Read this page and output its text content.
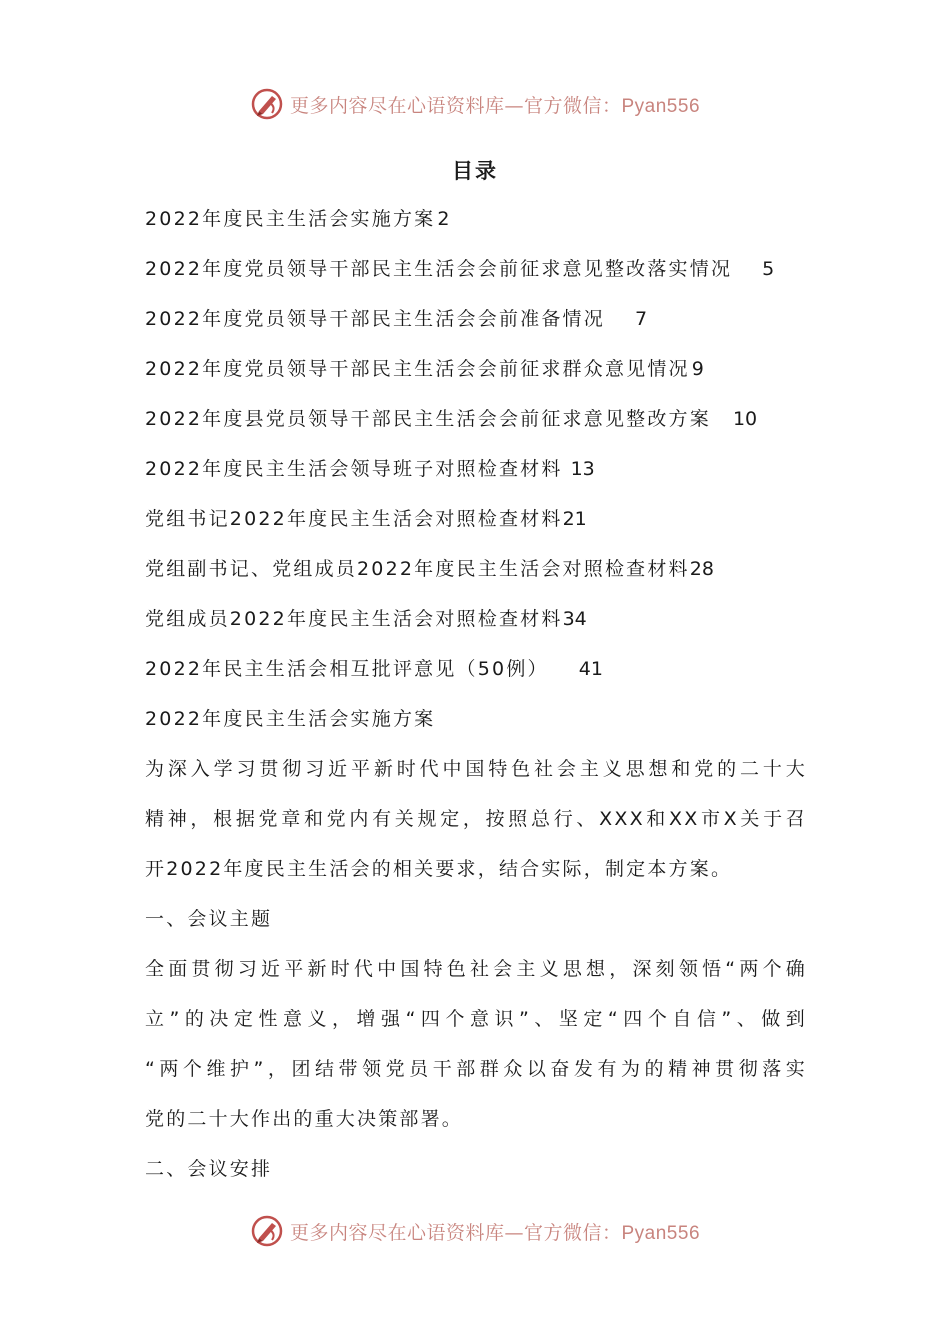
更多内容尽在心语资料库—官方微信：Pyan556
目录
2022年度民主生活会实施方案 2
2022年度党员领导干部民主生活会会前征求意见整改落实情况 5
2022年度党员领导干部民主生活会会前准备情况 7
2022年度党员领导干部民主生活会会前征求群众意见情况 9
2022年度县党员领导干部民主生活会会前征求意见整改方案 10
2022年度民主生活会领导班子对照检查材料 13
党组书记2022年度民主生活会对照检查材料21
党组副书记、党组成员2022年度民主生活会对照检查材料28
党组成员2022年度民主生活会对照检查材料34
2022年民主生活会相互批评意见（50例） 41
2022年度民主生活会实施方案
为深入学习贯彻习近平新时代中国特色社会主义思想和党的二十大
精神，根据党章和党内有关规定，按照总行、XXX和XX市X关于召
开2022年度民主生活会的相关要求，结合实际，制定本方案。
一、会议主题
全面贯彻习近平新时代中国特色社会主义思想，深刻领悟“两个确
立”的决定性意义，增强“四个意识”、坚定“四个自信”、做到
“两个维护”，团结带领党员干部群众以奋发有为的精神贯彻落实
党的二十大作出的重大决策部署。
二、会议安排
更多内容尽在心语资料库—官方微信：Pyan556
